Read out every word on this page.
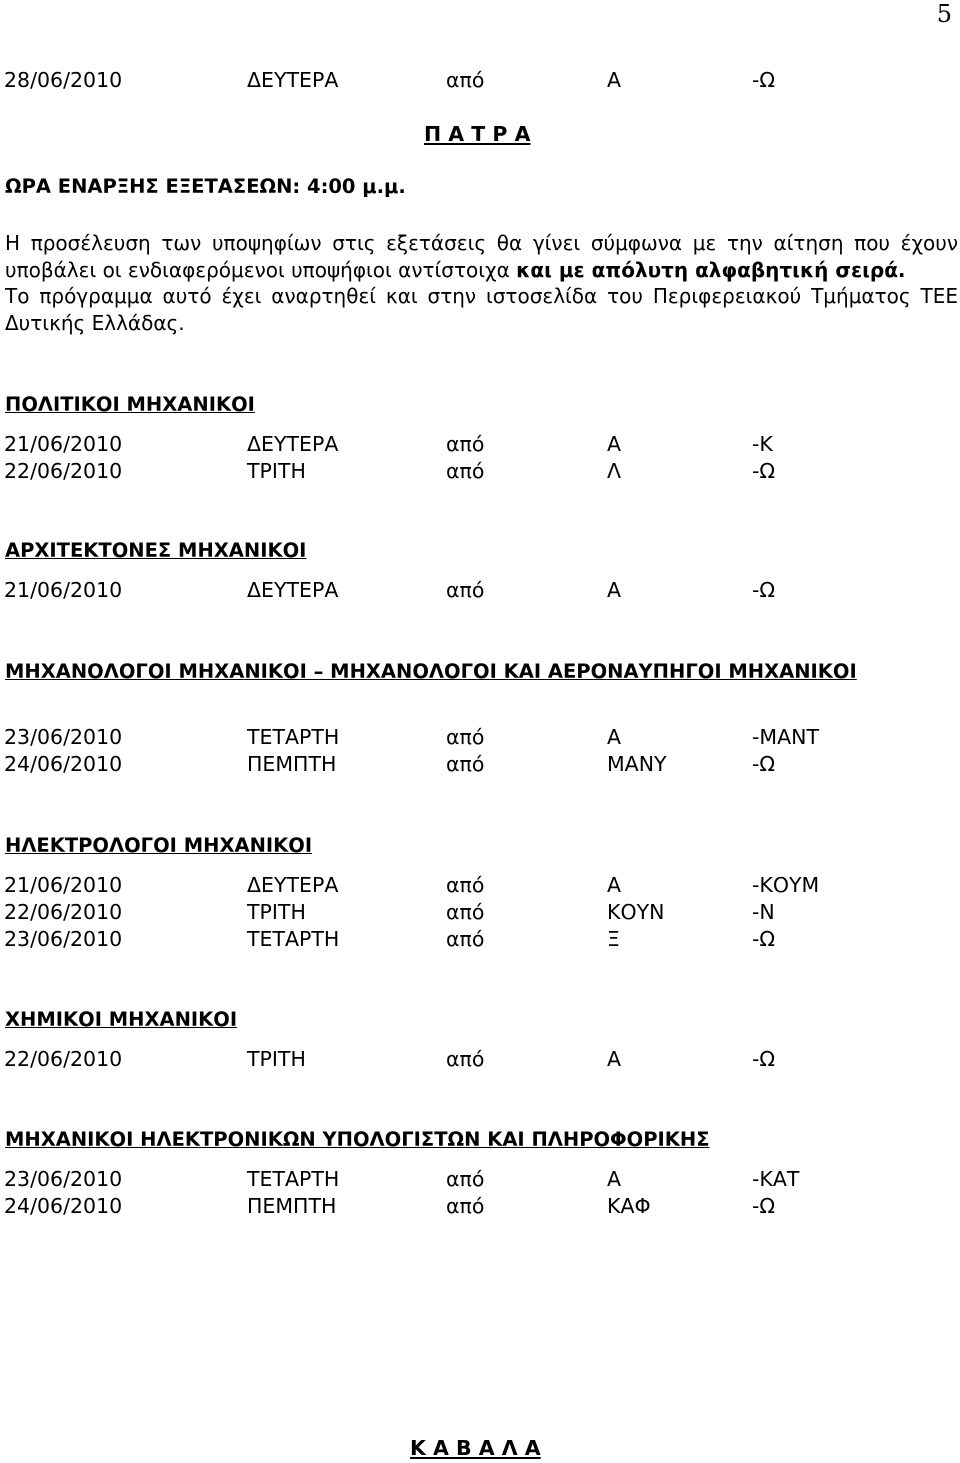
5
28/06/2010	ΔΕΥΤΕΡΑ	από	Α	-Ω
Π Α Τ Ρ Α
ΩΡΑ ΕΝΑΡΞΗΣ ΕΞΕΤΑΣΕΩΝ: 4:00 μ.μ.

Η προσέλευση των υποψηφίων στις εξετάσεις θα γίνει σύμφωνα με την αίτηση που έχουν υποβάλει οι ενδιαφερόμενοι υποψήφιοι αντίστοιχα και με απόλυτη αλφαβητική σειρά.

Το πρόγραμμα αυτό έχει αναρτηθεί και στην ιστοσελίδα του Περιφερειακού Τμήματος ΤΕΕ Δυτικής Ελλάδας.

ΠΟΛΙΤΙΚΟΙ ΜΗΧΑΝΙΚΟΙ
21/06/2010	ΔΕΥΤΕΡΑ	από	Α	-Κ
22/06/2010	ΤΡΙΤΗ	από	Λ	-Ω
ΑΡΧΙΤΕΚΤΟΝΕΣ ΜΗΧΑΝΙΚΟΙ
21/06/2010	ΔΕΥΤΕΡΑ	από	Α	-Ω
ΜΗΧΑΝΟΛΟΓΟΙ ΜΗΧΑΝΙΚΟΙ – ΜΗΧΑΝΟΛΟΓΟΙ ΚΑΙ ΑΕΡΟΝΑΥΠΗΓΟΙ ΜΗΧΑΝΙΚΟΙ
23/06/2010	ΤΕΤΑΡΤΗ	από	Α	-ΜΑΝΤ
24/06/2010	ΠΕΜΠΤΗ	από	ΜΑΝΥ	-Ω
ΗΛΕΚΤΡΟΛΟΓΟΙ ΜΗΧΑΝΙΚΟΙ
21/06/2010	ΔΕΥΤΕΡΑ	από	Α	-ΚΟΥΜ
22/06/2010	ΤΡΙΤΗ	από	ΚΟΥΝ	-Ν
23/06/2010	ΤΕΤΑΡΤΗ	από	Ξ	-Ω
ΧΗΜΙΚΟΙ ΜΗΧΑΝΙΚΟΙ
22/06/2010	ΤΡΙΤΗ	από	Α	-Ω
ΜΗΧΑΝΙΚΟΙ ΗΛΕΚΤΡΟΝΙΚΩΝ ΥΠΟΛΟΓΙΣΤΩΝ ΚΑΙ ΠΛΗΡΟΦΟΡΙΚΗΣ
23/06/2010	ΤΕΤΑΡΤΗ	από	Α	-ΚΑΤ
24/06/2010	ΠΕΜΠΤΗ	από	ΚΑΦ	-Ω
Κ Α Β Α Λ Α
